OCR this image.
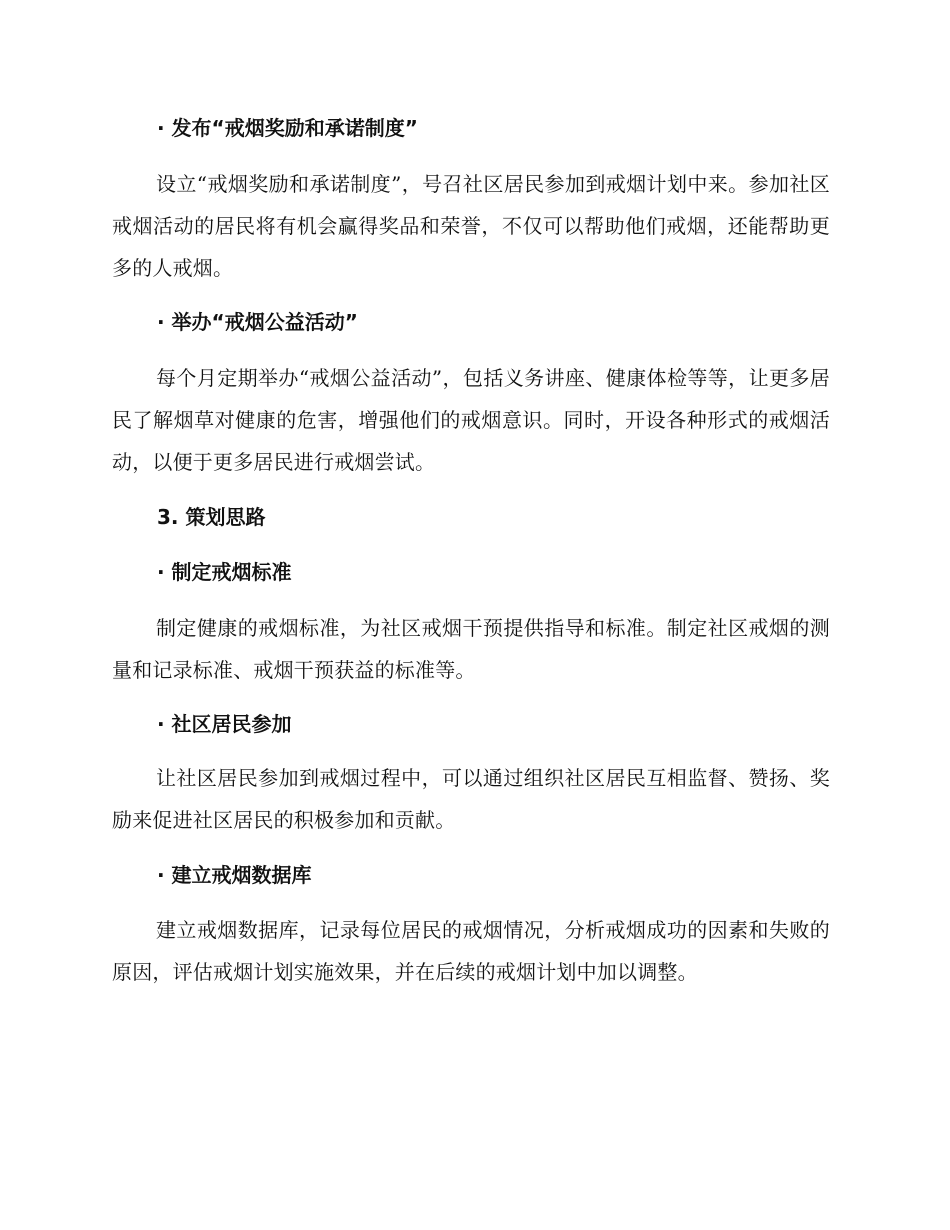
· 发布“戒烟奖励和承诺制度”
设立“戒烟奖励和承诺制度”，号召社区居民参加到戒烟计划中来。参加社区戒烟活动的居民将有机会赢得奖品和荣誉，不仅可以帮助他们戒烟，还能帮助更多的人戒烟。
· 举办“戒烟公益活动”
每个月定期举办“戒烟公益活动”，包括义务讲座、健康体检等等，让更多居民了解烟草对健康的危害，增强他们的戒烟意识。同时，开设各种形式的戒烟活动，以便于更多居民进行戒烟尝试。
3. 策划思路
· 制定戒烟标准
制定健康的戒烟标准，为社区戒烟干预提供指导和标准。制定社区戒烟的测量和记录标准、戒烟干预获益的标准等。
· 社区居民参加
让社区居民参加到戒烟过程中，可以通过组织社区居民互相监督、赞扬、奖励来促进社区居民的积极参加和贡献。
· 建立戒烟数据库
建立戒烟数据库，记录每位居民的戒烟情况，分析戒烟成功的因素和失败的原因，评估戒烟计划实施效果，并在后续的戒烟计划中加以调整。
